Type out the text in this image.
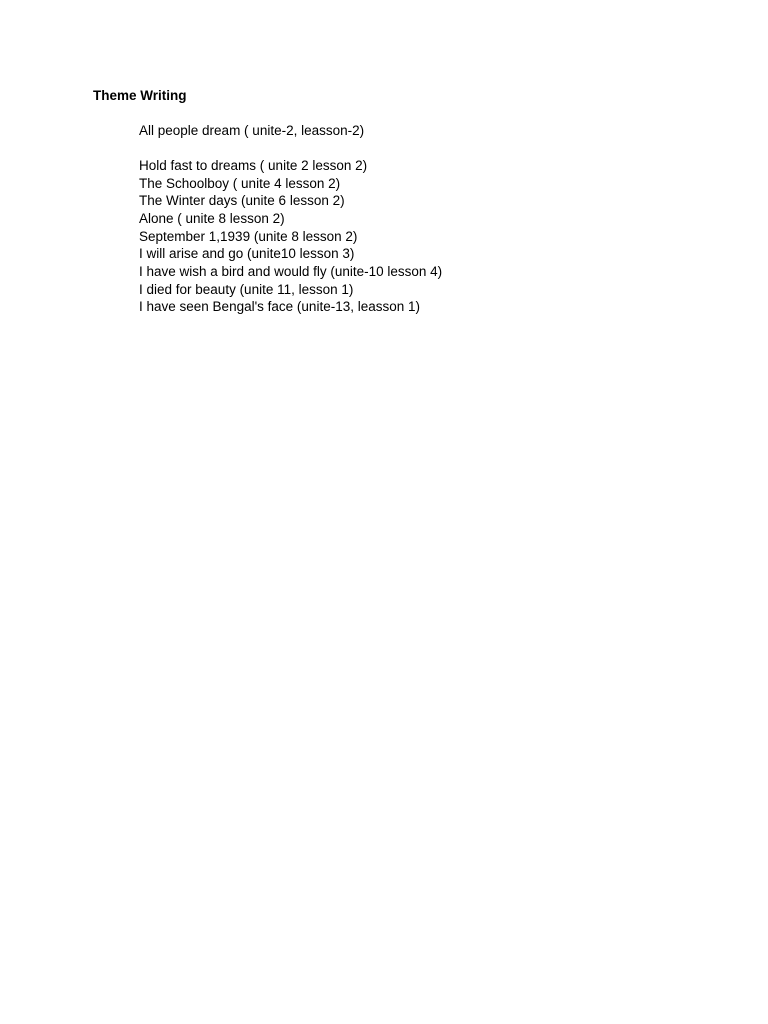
Theme Writing
All people dream ( unite-2, leasson-2)
Hold fast to dreams ( unite 2 lesson 2)
The Schoolboy ( unite 4 lesson 2)
The Winter days (unite 6 lesson 2)
Alone ( unite 8 lesson 2)
September 1,1939 (unite 8 lesson 2)
I will arise and go (unite10 lesson 3)
I have wish a bird and would fly (unite-10 lesson 4)
I died for beauty (unite 11, lesson 1)
I have seen Bengal's face (unite-13, leasson 1)
